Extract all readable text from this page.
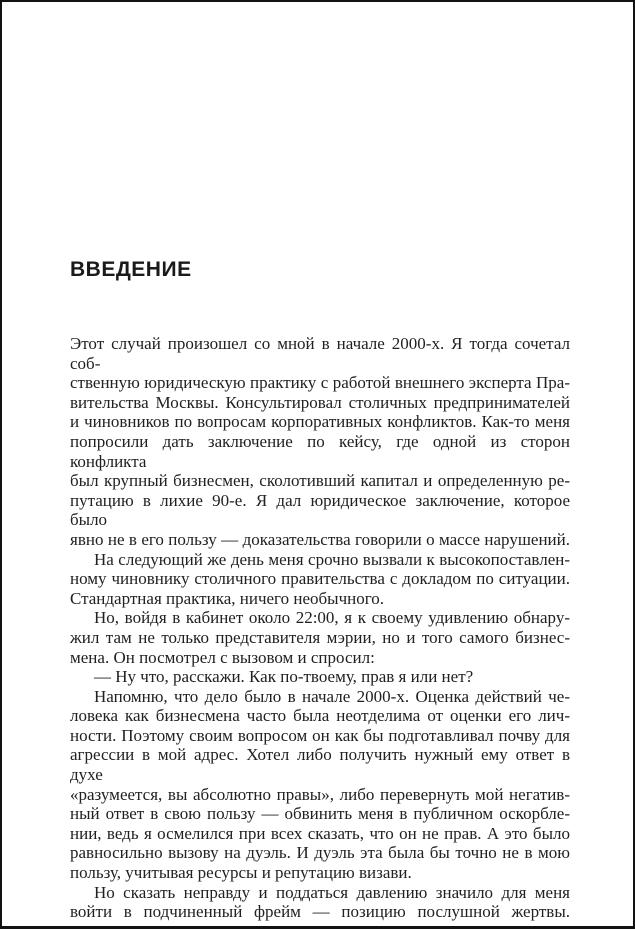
ВВЕДЕНИЕ
Этот случай произошел со мной в начале 2000-х. Я тогда сочетал соб-
ственную юридическую практику с работой внешнего эксперта Пра-
вительства Москвы. Консультировал столичных предпринимателей
и чиновников по вопросам корпоративных конфликтов. Как-то меня
попросили дать заключение по кейсу, где одной из сторон конфликта
был крупный бизнесмен, сколотивший капитал и определенную ре-
путацию в лихие 90-е. Я дал юридическое заключение, которое было
явно не в его пользу — доказательства говорили о массе нарушений.
На следующий же день меня срочно вызвали к высокопоставлен-
ному чиновнику столичного правительства с докладом по ситуации.
Стандартная практика, ничего необычного.
Но, войдя в кабинет около 22:00, я к своему удивлению обнару-
жил там не только представителя мэрии, но и того самого бизнес-
мена. Он посмотрел с вызовом и спросил:
— Ну что, расскажи. Как по-твоему, прав я или нет?
Напомню, что дело было в начале 2000-х. Оценка действий че-
ловека как бизнесмена часто была неотделима от оценки его лич-
ности. Поэтому своим вопросом он как бы подготавливал почву для
агрессии в мой адрес. Хотел либо получить нужный ему ответ в духе
«разумеется, вы абсолютно правы», либо перевернуть мой негатив-
ный ответ в свою пользу — обвинить меня в публичном оскорбле-
нии, ведь я осмелился при всех сказать, что он не прав. А это было
равносильно вызову на дуэль. И дуэль эта была бы точно не в мою
пользу, учитывая ресурсы и репутацию визави.
Но сказать неправду и поддаться давлению значило для меня
войти в подчиненный фрейм — позицию послушной жертвы.
